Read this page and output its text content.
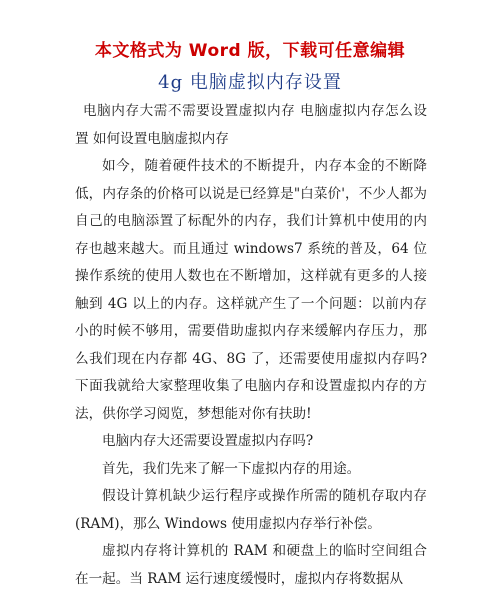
本文格式为 Word 版，下载可任意编辑
4g 电脑虚拟内存设置

电脑内存大需不需要设置虚拟内存 电脑虚拟内存怎么设置 如何设置电脑虚拟内存

如今，随着硬件技术的不断提升，内存本金的不断降低，内存条的价格可以说是已经算是"白菜价'，不少人都为自己的电脑添置了标配外的内存，我们计算机中使用的内存也越来越大。而且通过 windows7 系统的普及，64 位操作系统的使用人数也在不断增加，这样就有更多的人接触到 4G 以上的内存。这样就产生了一个问题：以前内存小的时候不够用，需要借助虚拟内存来缓解内存压力，那么我们现在内存都 4G、8G 了，还需要使用虚拟内存吗?下面我就给大家整理收集了电脑内存和设置虚拟内存的方法，供你学习阅览，梦想能对你有扶助!

电脑内存大还需要设置虚拟内存吗?

首先，我们先来了解一下虚拟内存的用途。

假设计算机缺少运行程序或操作所需的随机存取内存 (RAM)，那么 Windows 使用虚拟内存举行补偿。

虚拟内存将计算机的 RAM 和硬盘上的临时空间组合在一起。当 RAM 运行速度缓慢时，虚拟内存将数据从
